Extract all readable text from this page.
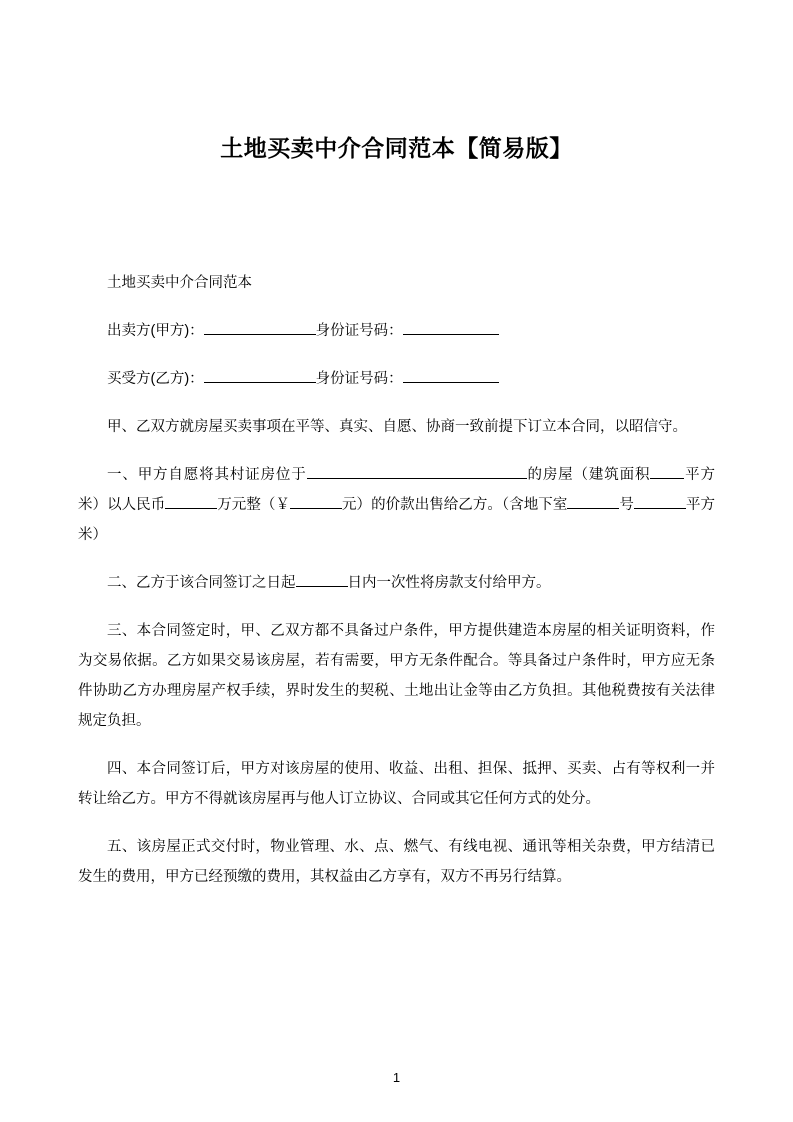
土地买卖中介合同范本【简易版】

土地买卖中介合同范本

出卖方(甲方)：	身份证号码：

买受方(乙方)：	身份证号码：

甲、乙双方就房屋买卖事项在平等、真实、自愿、协商一致前提下订立本合同，以昭信守。

一、甲方自愿将其村证房位于	的房屋（建筑面积 平方米）以人民币	万元整（￥	元）的价款出售给乙方。（含地下室	号	平方米）

二、乙方于该合同签订之日起	日内一次性将房款支付给甲方。

三、本合同签定时，甲、乙双方都不具备过户条件，甲方提供建造本房屋的相关证明资料，作为交易依据。乙方如果交易该房屋，若有需要，甲方无条件配合。等具备过户条件时，甲方应无条件协助乙方办理房屋产权手续，界时发生的契税、土地出让金等由乙方负担。其他税费按有关法律规定负担。

四、本合同签订后，甲方对该房屋的使用、收益、出租、担保、抵押、买卖、占有等权利一并转让给乙方。甲方不得就该房屋再与他人订立协议、合同或其它任何方式的处分。

五、该房屋正式交付时，物业管理、水、点、燃气、有线电视、通讯等相关杂费，甲方结清已发生的费用，甲方已经预缴的费用，其权益由乙方享有，双方不再另行结算。

1
